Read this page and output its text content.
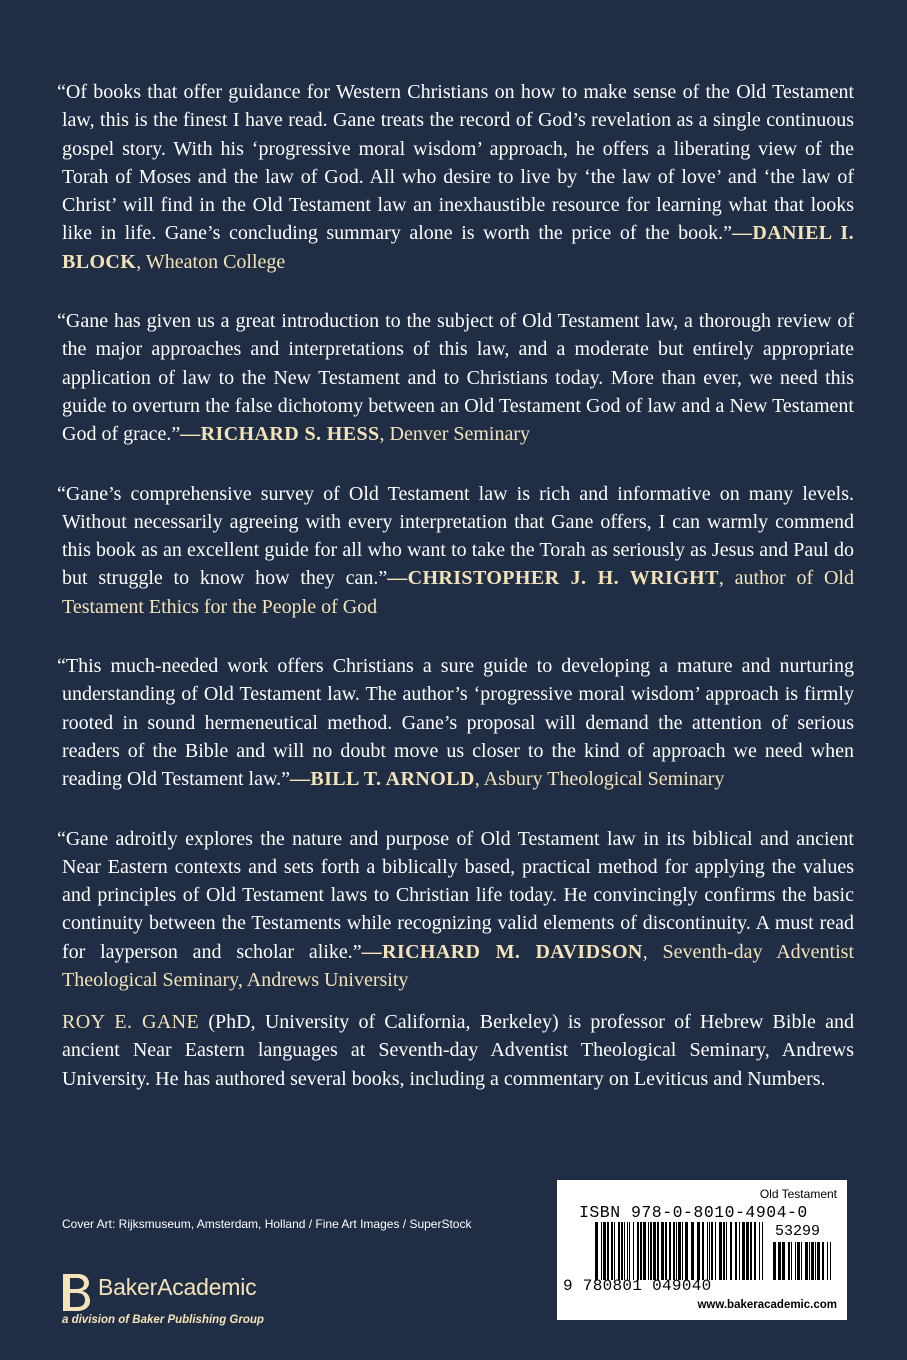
“Of books that offer guidance for Western Christians on how to make sense of the Old Testament law, this is the finest I have read. Gane treats the record of God’s revelation as a single continuous gospel story. With his ‘progressive moral wisdom’ approach, he offers a liberating view of the Torah of Moses and the law of God. All who desire to live by ‘the law of love’ and ‘the law of Christ’ will find in the Old Testament law an inexhaustible resource for learning what that looks like in life. Gane’s concluding summary alone is worth the price of the book.”—DANIEL I. BLOCK, Wheaton College

“Gane has given us a great introduction to the subject of Old Testament law, a thorough review of the major approaches and interpretations of this law, and a moderate but entirely appropriate application of law to the New Testament and to Christians today. More than ever, we need this guide to overturn the false dichotomy between an Old Testament God of law and a New Testament God of grace.”—RICHARD S. HESS, Denver Seminary

“Gane’s comprehensive survey of Old Testament law is rich and informative on many levels. Without necessarily agreeing with every interpretation that Gane offers, I can warmly commend this book as an excellent guide for all who want to take the Torah as seriously as Jesus and Paul do but struggle to know how they can.”—CHRISTOPHER J. H. WRIGHT, author of Old Testament Ethics for the People of God

“This much-needed work offers Christians a sure guide to developing a mature and nurturing understanding of Old Testament law. The author’s ‘progressive moral wisdom’ approach is firmly rooted in sound hermeneutical method. Gane’s proposal will demand the attention of serious readers of the Bible and will no doubt move us closer to the kind of approach we need when reading Old Testament law.”—BILL T. ARNOLD, Asbury Theological Seminary

“Gane adroitly explores the nature and purpose of Old Testament law in its biblical and ancient Near Eastern contexts and sets forth a biblically based, practical method for applying the values and principles of Old Testament laws to Christian life today. He convincingly confirms the basic continuity between the Testaments while recognizing valid elements of discontinuity. A must read for layperson and scholar alike.”—RICHARD M. DAVIDSON, Seventh-day Adventist Theological Seminary, Andrews University

ROY E. GANE (PhD, University of California, Berkeley) is professor of Hebrew Bible and ancient Near Eastern languages at Seventh-day Adventist Theological Seminary, Andrews University. He has authored several books, including a commentary on Leviticus and Numbers.

Cover Art: Rijksmuseum, Amsterdam, Holland / Fine Art Images / SuperStock
BakerAcademic
a division of Baker Publishing Group
Old Testament
ISBN 978-0-8010-4904-0
53299
9 780801 049040
www.bakeracademic.com
